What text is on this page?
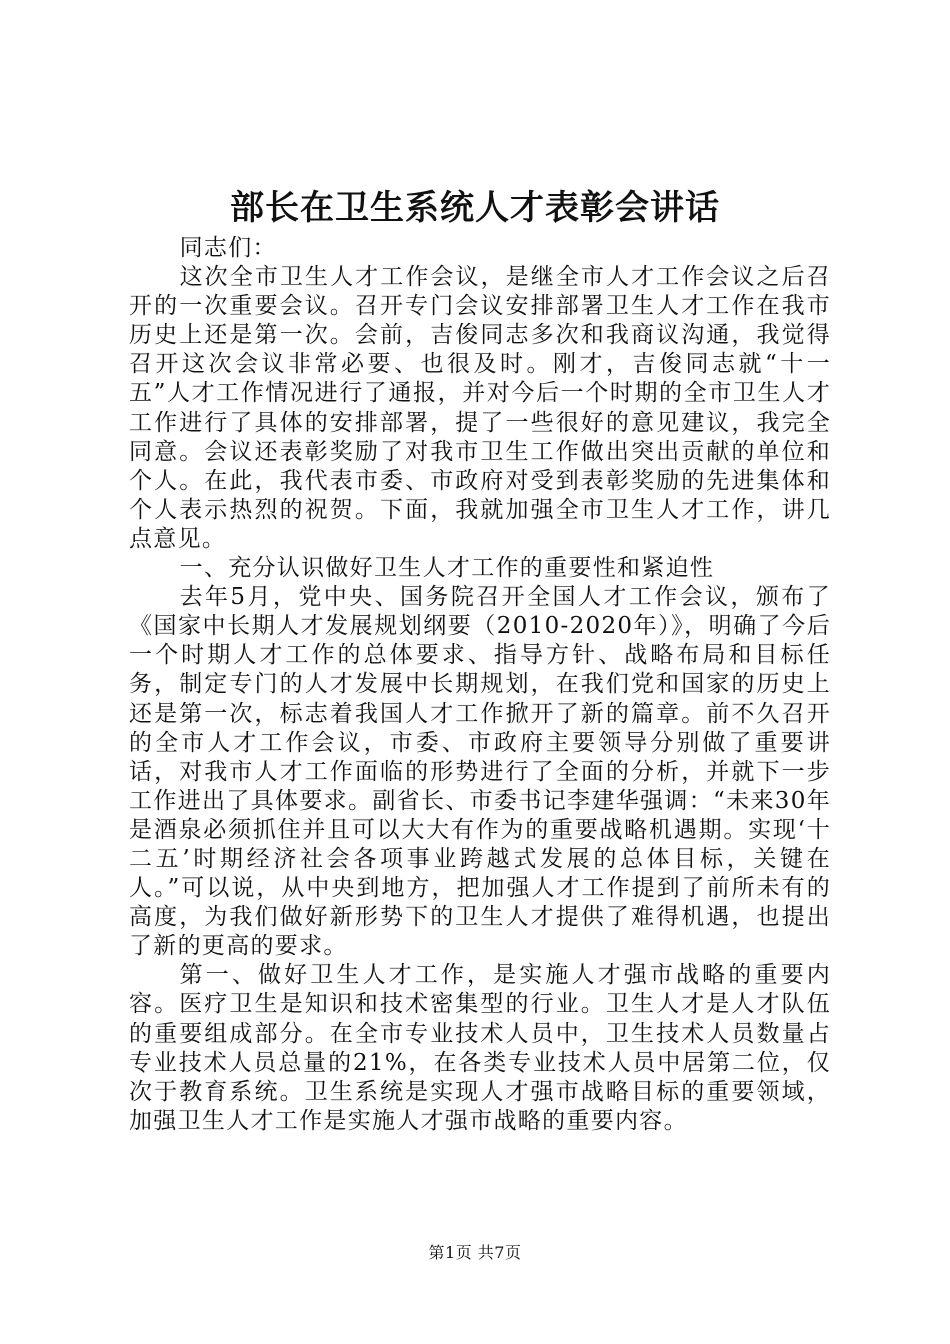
部长在卫生系统人才表彰会讲话

同志们：

这次全市卫生人才工作会议，是继全市人才工作会议之后召开的一次重要会议。召开专门会议安排部署卫生人才工作在我市历史上还是第一次。会前，吉俊同志多次和我商议沟通，我觉得召开这次会议非常必要、也很及时。刚才，吉俊同志就“十一五”人才工作情况进行了通报，并对今后一个时期的全市卫生人才工作进行了具体的安排部署，提了一些很好的意见建议，我完全同意。会议还表彰奖励了对我市卫生工作做出突出贡献的单位和个人。在此，我代表市委、市政府对受到表彰奖励的先进集体和个人表示热烈的祝贺。下面，我就加强全市卫生人才工作，讲几点意见。

一、充分认识做好卫生人才工作的重要性和紧迫性

去年5月，党中央、国务院召开全国人才工作会议，颁布了《国家中长期人才发展规划纲要（2010-2020年）》，明确了今后一个时期人才工作的总体要求、指导方针、战略布局和目标任务，制定专门的人才发展中长期规划，在我们党和国家的历史上还是第一次，标志着我国人才工作掀开了新的篇章。前不久召开的全市人才工作会议，市委、市政府主要领导分别做了重要讲话，对我市人才工作面临的形势进行了全面的分析，并就下一步工作进出了具体要求。副省长、市委书记李建华强调：“未来30年是酒泉必须抓住并且可以大大有作为的重要战略机遇期。实现‘十二五’时期经济社会各项事业跨越式发展的总体目标，关键在人。”可以说，从中央到地方，把加强人才工作提到了前所未有的高度，为我们做好新形势下的卫生人才提供了难得机遇，也提出了新的更高的要求。

第一、做好卫生人才工作，是实施人才强市战略的重要内容。医疗卫生是知识和技术密集型的行业。卫生人才是人才队伍的重要组成部分。在全市专业技术人员中，卫生技术人员数量占专业技术人员总量的21%，在各类专业技术人员中居第二位，仅次于教育系统。卫生系统是实现人才强市战略目标的重要领域，加强卫生人才工作是实施人才强市战略的重要内容。

第1页 共7页
